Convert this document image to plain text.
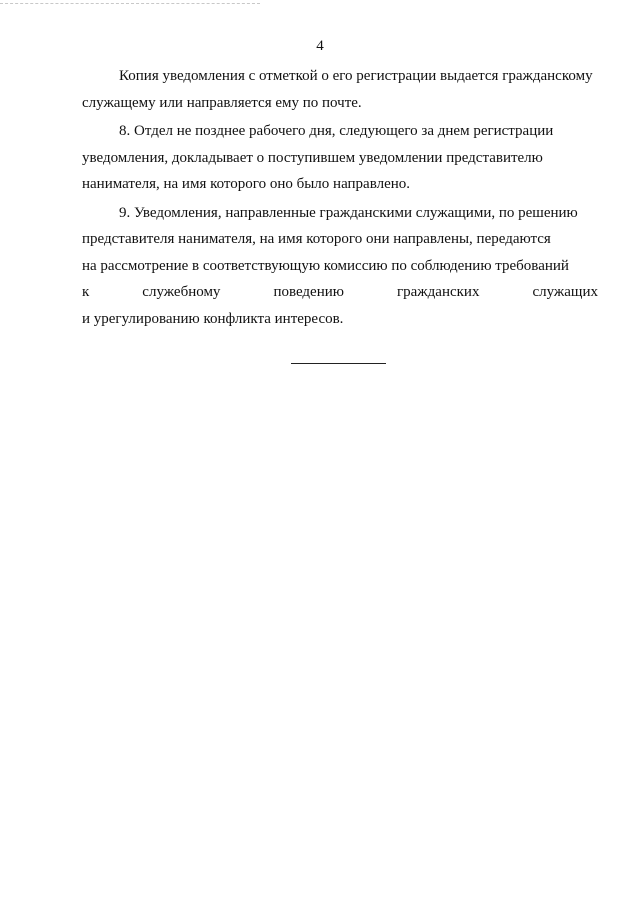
4
Копия уведомления с отметкой о его регистрации выдается гражданскому
служащему или направляется ему по почте.
8. Отдел не позднее рабочего дня, следующего за днем регистрации
уведомления, докладывает о поступившем уведомлении представителю
нанимателя, на имя которого оно было направлено.
9. Уведомления, направленные гражданскими служащими, по решению
представителя нанимателя, на имя которого они направлены, передаются
на рассмотрение в соответствующую комиссию по соблюдению требований
к	служебному	поведению	гражданских	служащих
и урегулированию конфликта интересов.
